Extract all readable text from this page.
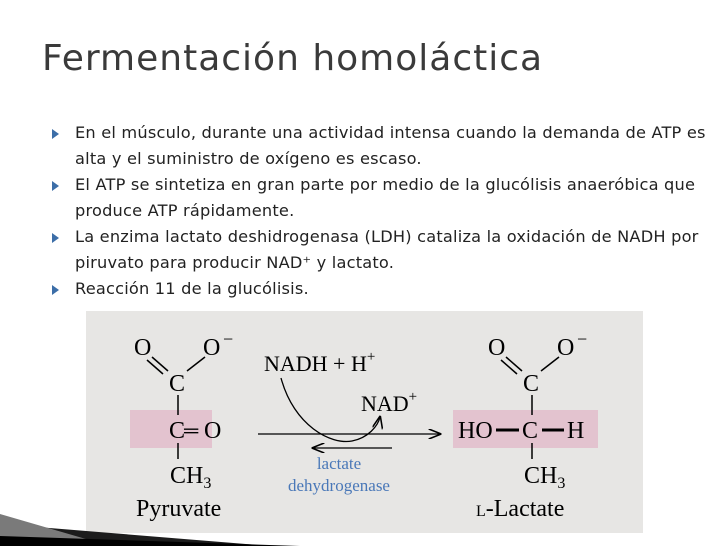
Fermentación homoláctica
En el músculo, durante una actividad intensa cuando la demanda de ATP es alta y el suministro de oxígeno es escaso.
El ATP se sintetiza en gran parte por medio de la glucólisis anaeróbica que produce ATP rápidamente.
La enzima lactato deshidrogenasa (LDH) cataliza la oxidación de NADH por piruvato para producir NAD⁺ y lactato.
Reacción 11 de la glucólisis.
O O −
C
C
═ O
$CH_3$
Pyruvate
NADH + H+
NAD+
lactate
dehydrogenase
O O −
C
HO C H
$CH_3$
L-Lactate
